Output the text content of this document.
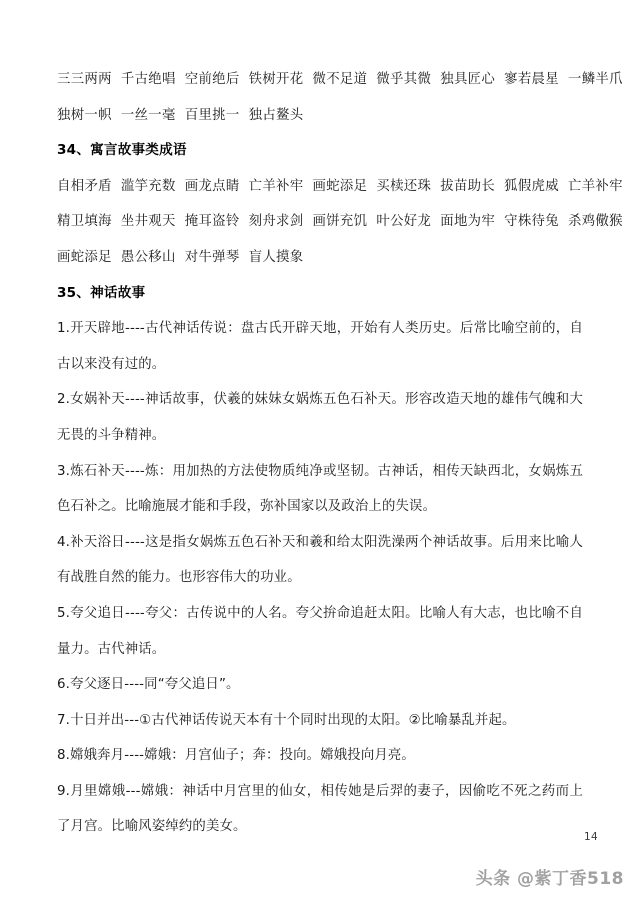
三三两两  千古绝唱  空前绝后  铁树开花  微不足道  微乎其微  独具匠心  寥若晨星  一鳞半爪
独树一帜  一丝一毫  百里挑一  独占鳌头
34、寓言故事类成语
自相矛盾  滥竽充数  画龙点睛  亡羊补牢  画蛇添足  买椟还珠  拔苗助长  狐假虎威  亡羊补牢
精卫填海  坐井观天  掩耳盗铃  刻舟求剑  画饼充饥  叶公好龙  面地为牢  守株待兔  杀鸡儆猴
画蛇添足  愚公移山  对牛弹琴  盲人摸象
35、神话故事
1.开天辟地----古代神话传说：盘古氏开辟天地，开始有人类历史。后常比喻空前的，自古以来没有过的。
2.女娲补天----神话故事，伏羲的妹妹女娲炼五色石补天。形容改造天地的雄伟气魄和大无畏的斗争精神。
3.炼石补天----炼：用加热的方法使物质纯净或坚韧。古神话，相传天缺西北，女娲炼五色石补之。比喻施展才能和手段，弥补国家以及政治上的失误。
4.补天浴日----这是指女娲炼五色石补天和羲和给太阳洗澡两个神话故事。后用来比喻人有战胜自然的能力。也形容伟大的功业。
5.夸父追日----夸父：古传说中的人名。夸父拚命追赶太阳。比喻人有大志，也比喻不自量力。古代神话。
6.夸父逐日----同“夸父追日”。
7.十日并出---①古代神话传说天本有十个同时出现的太阳。②比喻暴乱并起。
8.嫦娥奔月----嫦娥：月宫仙子；奔：投向。嫦娥投向月亮。
9.月里嫦娥---嫦娥：神话中月宫里的仙女，相传她是后羿的妻子，因偷吃不死之药而上了月宫。比喻风姿绰约的美女。
14
头条 @紫丁香518
